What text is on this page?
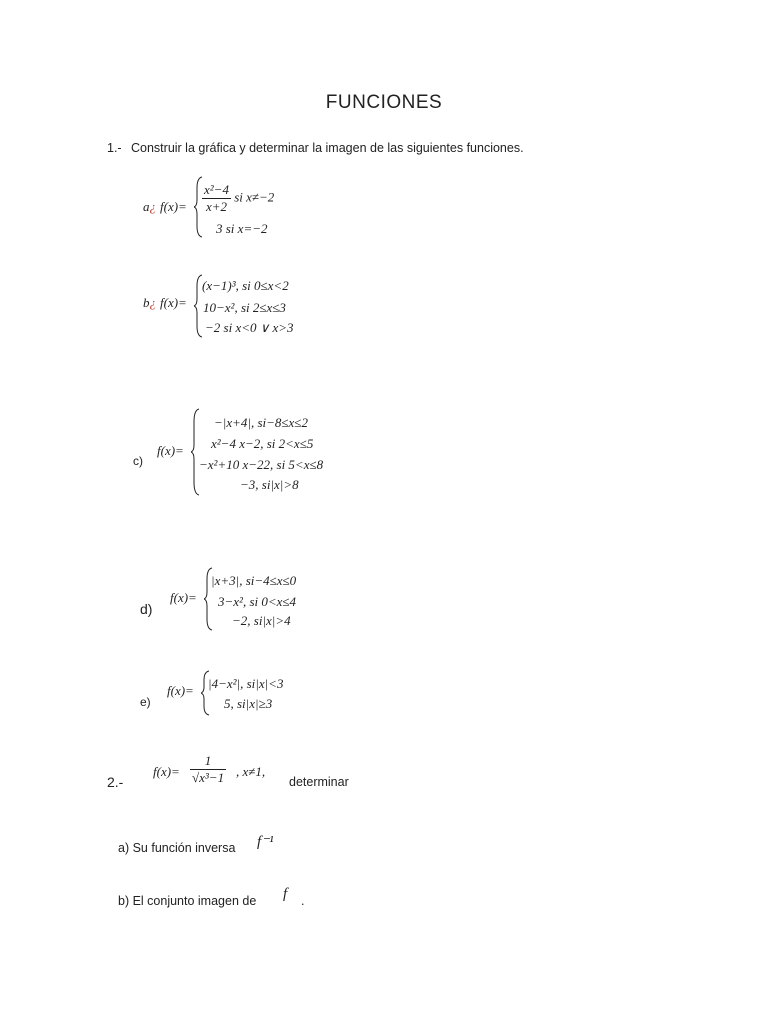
FUNCIONES
1.- Construir la gráfica y determinar la imagen de las siguientes funciones.
a¿ $f(x)= \frac{\text{x²−4}}{x+2}$ si x≠−2
3 si x=−2
b¿ f(x)=
(x−1)³, si 0≤x<2
10−x², si 2≤x≤3
−2 si x<0 ∨ x>3
c)
f(x)=
−|x+4|, si−8≤x≤2
x²−4 x−2, si 2<x≤5
−x²+10 x−22, si 5<x≤8
−3, si|x|>8
d)
f(x)=
|x+3|, si−4≤x≤0
3−x², si 0<x≤4
−2, si|x|>4
e)
f(x)= |4−x²|, si|x|<3
5, si|x|≥3
2.-
$f(x)= \frac{1}{\text{√x³−1}}$ , x≠1,
determinar
a) Su función inversa f⁻¹
b) El conjunto imagen de f .
